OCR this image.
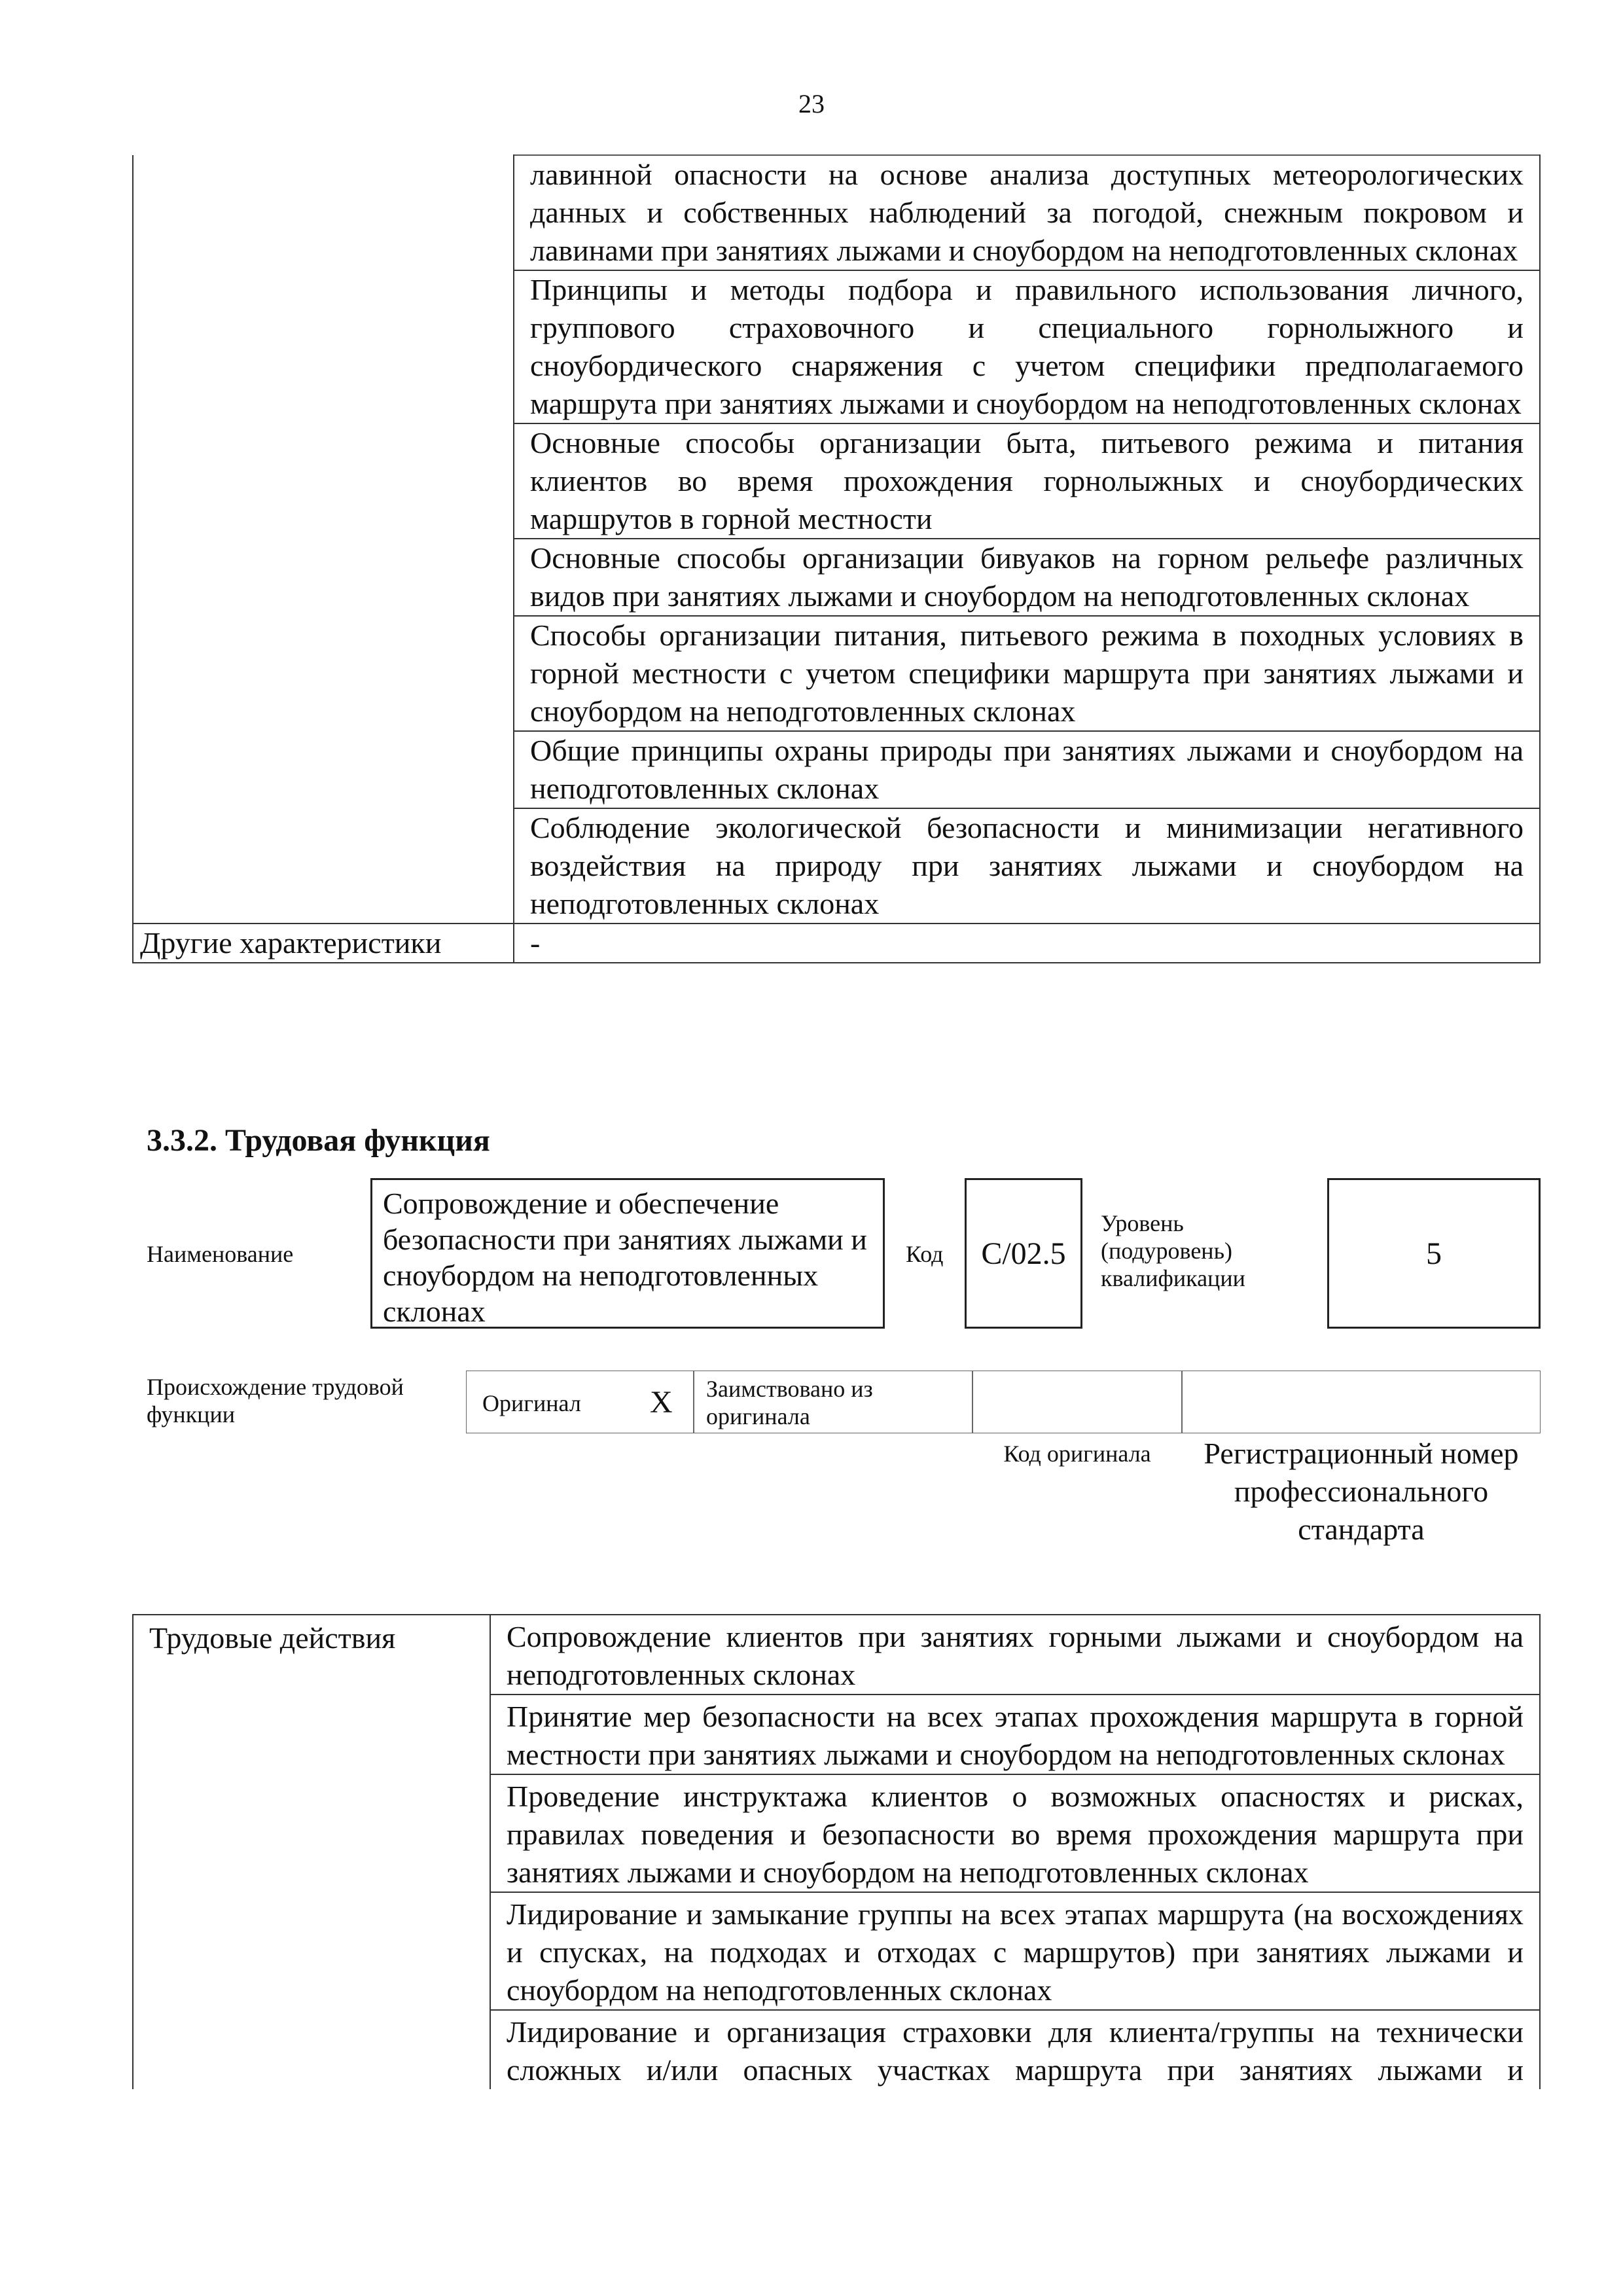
23
	лавинной опасности на основе анализа доступных метеорологических данных и собственных наблюдений за погодой, снежным покровом и лавинами при занятиях лыжами и сноубордом на неподготовленных склонах
	Принципы и методы подбора и правильного использования личного, группового страховочного и специального горнолыжного и сноубордического снаряжения с учетом специфики предполагаемого маршрута при занятиях лыжами и сноубордом на неподготовленных склонах
	Основные способы организации быта, питьевого режима и питания клиентов во время прохождения горнолыжных и сноубордических маршрутов в горной местности
	Основные способы организации бивуаков на горном рельефе различных видов при занятиях лыжами и сноубордом на неподготовленных склонах
	Способы организации питания, питьевого режима в походных условиях в горной местности с учетом специфики маршрута при занятиях лыжами и сноубордом на неподготовленных склонах
	Общие принципы охраны природы при занятиях лыжами и сноубордом на неподготовленных склонах
	Соблюдение экологической безопасности и минимизации негативного воздействия на природу при занятиях лыжами и сноубордом на неподготовленных склонах
Другие характеристики	-
3.3.2. Трудовая функция
Наименование
Сопровождение и обеспечение безопасности при занятиях лыжами и сноубордом на неподготовленных склонах
Код	C/02.5
Уровень (подуровень) квалификации
5
Происхождение трудовой функции	Оригинал X Заимствовано из оригинала
Код оригинала	Регистрационный номер профессионального стандарта
Трудовые действия	Сопровождение клиентов при занятиях горными лыжами и сноубордом на неподготовленных склонах
	Принятие мер безопасности на всех этапах прохождения маршрута в горной местности при занятиях лыжами и сноубордом на неподготовленных склонах
	Проведение инструктажа клиентов о возможных опасностях и рисках, правилах поведения и безопасности во время прохождения маршрута при занятиях лыжами и сноубордом на неподготовленных склонах
	Лидирование и замыкание группы на всех этапах маршрута (на восхождениях и спусках, на подходах и отходах с маршрутов) при занятиях лыжами и сноубордом на неподготовленных склонах
	Лидирование и организация страховки для клиента/группы на технически сложных и/или опасных участках маршрута при занятиях лыжами и
